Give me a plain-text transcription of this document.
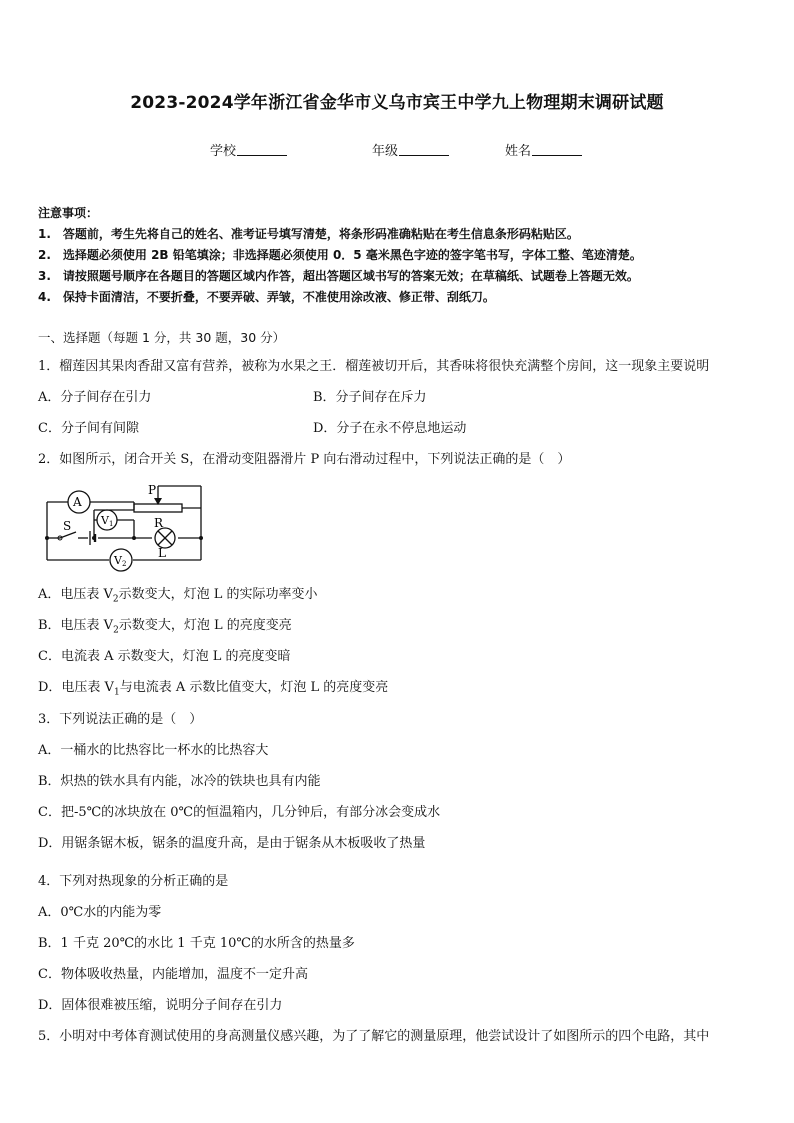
2023-2024学年浙江省金华市义乌市宾王中学九上物理期末调研试题
学校	年级	姓名
注意事项：
1.　答题前，考生先将自己的姓名、准考证号填写清楚，将条形码准确粘贴在考生信息条形码粘贴区。
2.　选择题必须使用 2B 铅笔填涂；非选择题必须使用 0．5 毫米黑色字迹的签字笔书写，字体工整、笔迹清楚。
3.　请按照题号顺序在各题目的答题区域内作答，超出答题区域书写的答案无效；在草稿纸、试题卷上答题无效。
4.　保持卡面清洁，不要折叠，不要弄破、弄皱，不准使用涂改液、修正带、刮纸刀。
一、选择题（每题 1 分，共 30 题，30 分）
1．榴莲因其果肉香甜又富有营养，被称为水果之王．榴莲被切开后，其香味将很快充满整个房间，这一现象主要说明
A．分子间存在引力	B．分子间存在斥力
C．分子间有间隙	D．分子在永不停息地运动
2．如图所示，闭合开关 S，在滑动变阻器滑片 P 向右滑动过程中，下列说法正确的是（　）
A
V1
V2
P
R
S
L
A．电压表 $V_2$示数变大，灯泡 L 的实际功率变小
B．电压表 $V_2$示数变大，灯泡 L 的亮度变亮
C．电流表 A 示数变大，灯泡 L 的亮度变暗
D．电压表 $V_1$与电流表 A 示数比值变大，灯泡 L 的亮度变亮
3．下列说法正确的是（　）
A．一桶水的比热容比一杯水的比热容大
B．炽热的铁水具有内能，冰冷的铁块也具有内能
C．把-5℃的冰块放在 0℃的恒温箱内，几分钟后，有部分冰会变成水
D．用锯条锯木板，锯条的温度升高，是由于锯条从木板吸收了热量
4．下列对热现象的分析正确的是
A．0℃水的内能为零
B．1 千克 20℃的水比 1 千克 10℃的水所含的热量多
C．物体吸收热量，内能增加，温度不一定升高
D．固体很难被压缩，说明分子间存在引力
5．小明对中考体育测试使用的身高测量仪感兴趣，为了了解它的测量原理，他尝试设计了如图所示的四个电路，其中
